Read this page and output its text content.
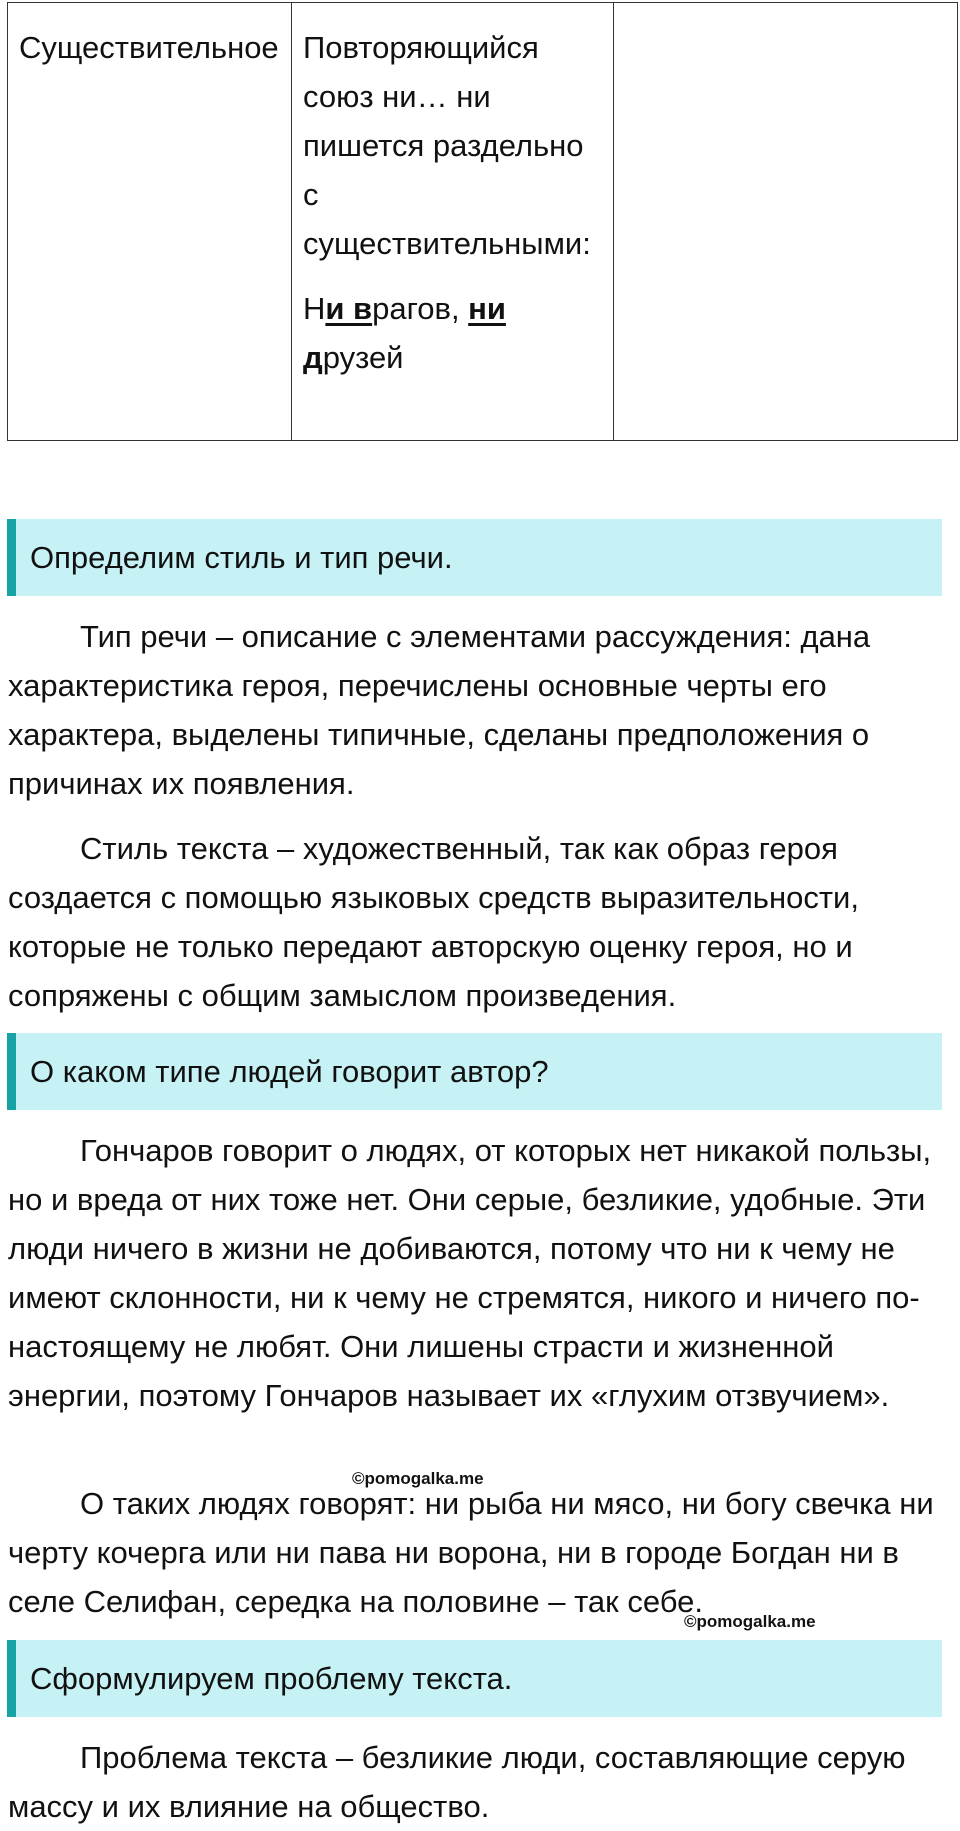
Существительное	Повторяющийся союз ни… ни пишется раздельно с существительными:

Ни врагов, ни друзей

Определим стиль и тип речи.

Тип речи – описание с элементами рассуждения: дана характеристика героя, перечислены основные черты его характера, выделены типичные, сделаны предположения о причинах их появления.

Стиль текста – художественный, так как образ героя создается с помощью языковых средств выразительности, которые не только передают авторскую оценку героя, но и сопряжены с общим замыслом произведения.

О каком типе людей говорит автор?

Гончаров говорит о людях, от которых нет никакой пользы, но и вреда от них тоже нет. Они серые, безликие, удобные. Эти люди ничего в жизни не добиваются, потому что ни к чему не имеют склонности, ни к чему не стремятся, никого и ничего по-настоящему не любят. Они лишены страсти и жизненной энергии, поэтому Гончаров называет их «глухим отзвучием».

©pomogalka.me

О таких людях говорят: ни рыба ни мясо, ни богу свечка ни черту кочерга или ни пава ни ворона, ни в городе Богдан ни в селе Селифан, середка на половине – так себе.

©pomogalka.me
Сформулируем проблему текста.

Проблема текста – безликие люди, составляющие серую массу и их влияние на общество.
